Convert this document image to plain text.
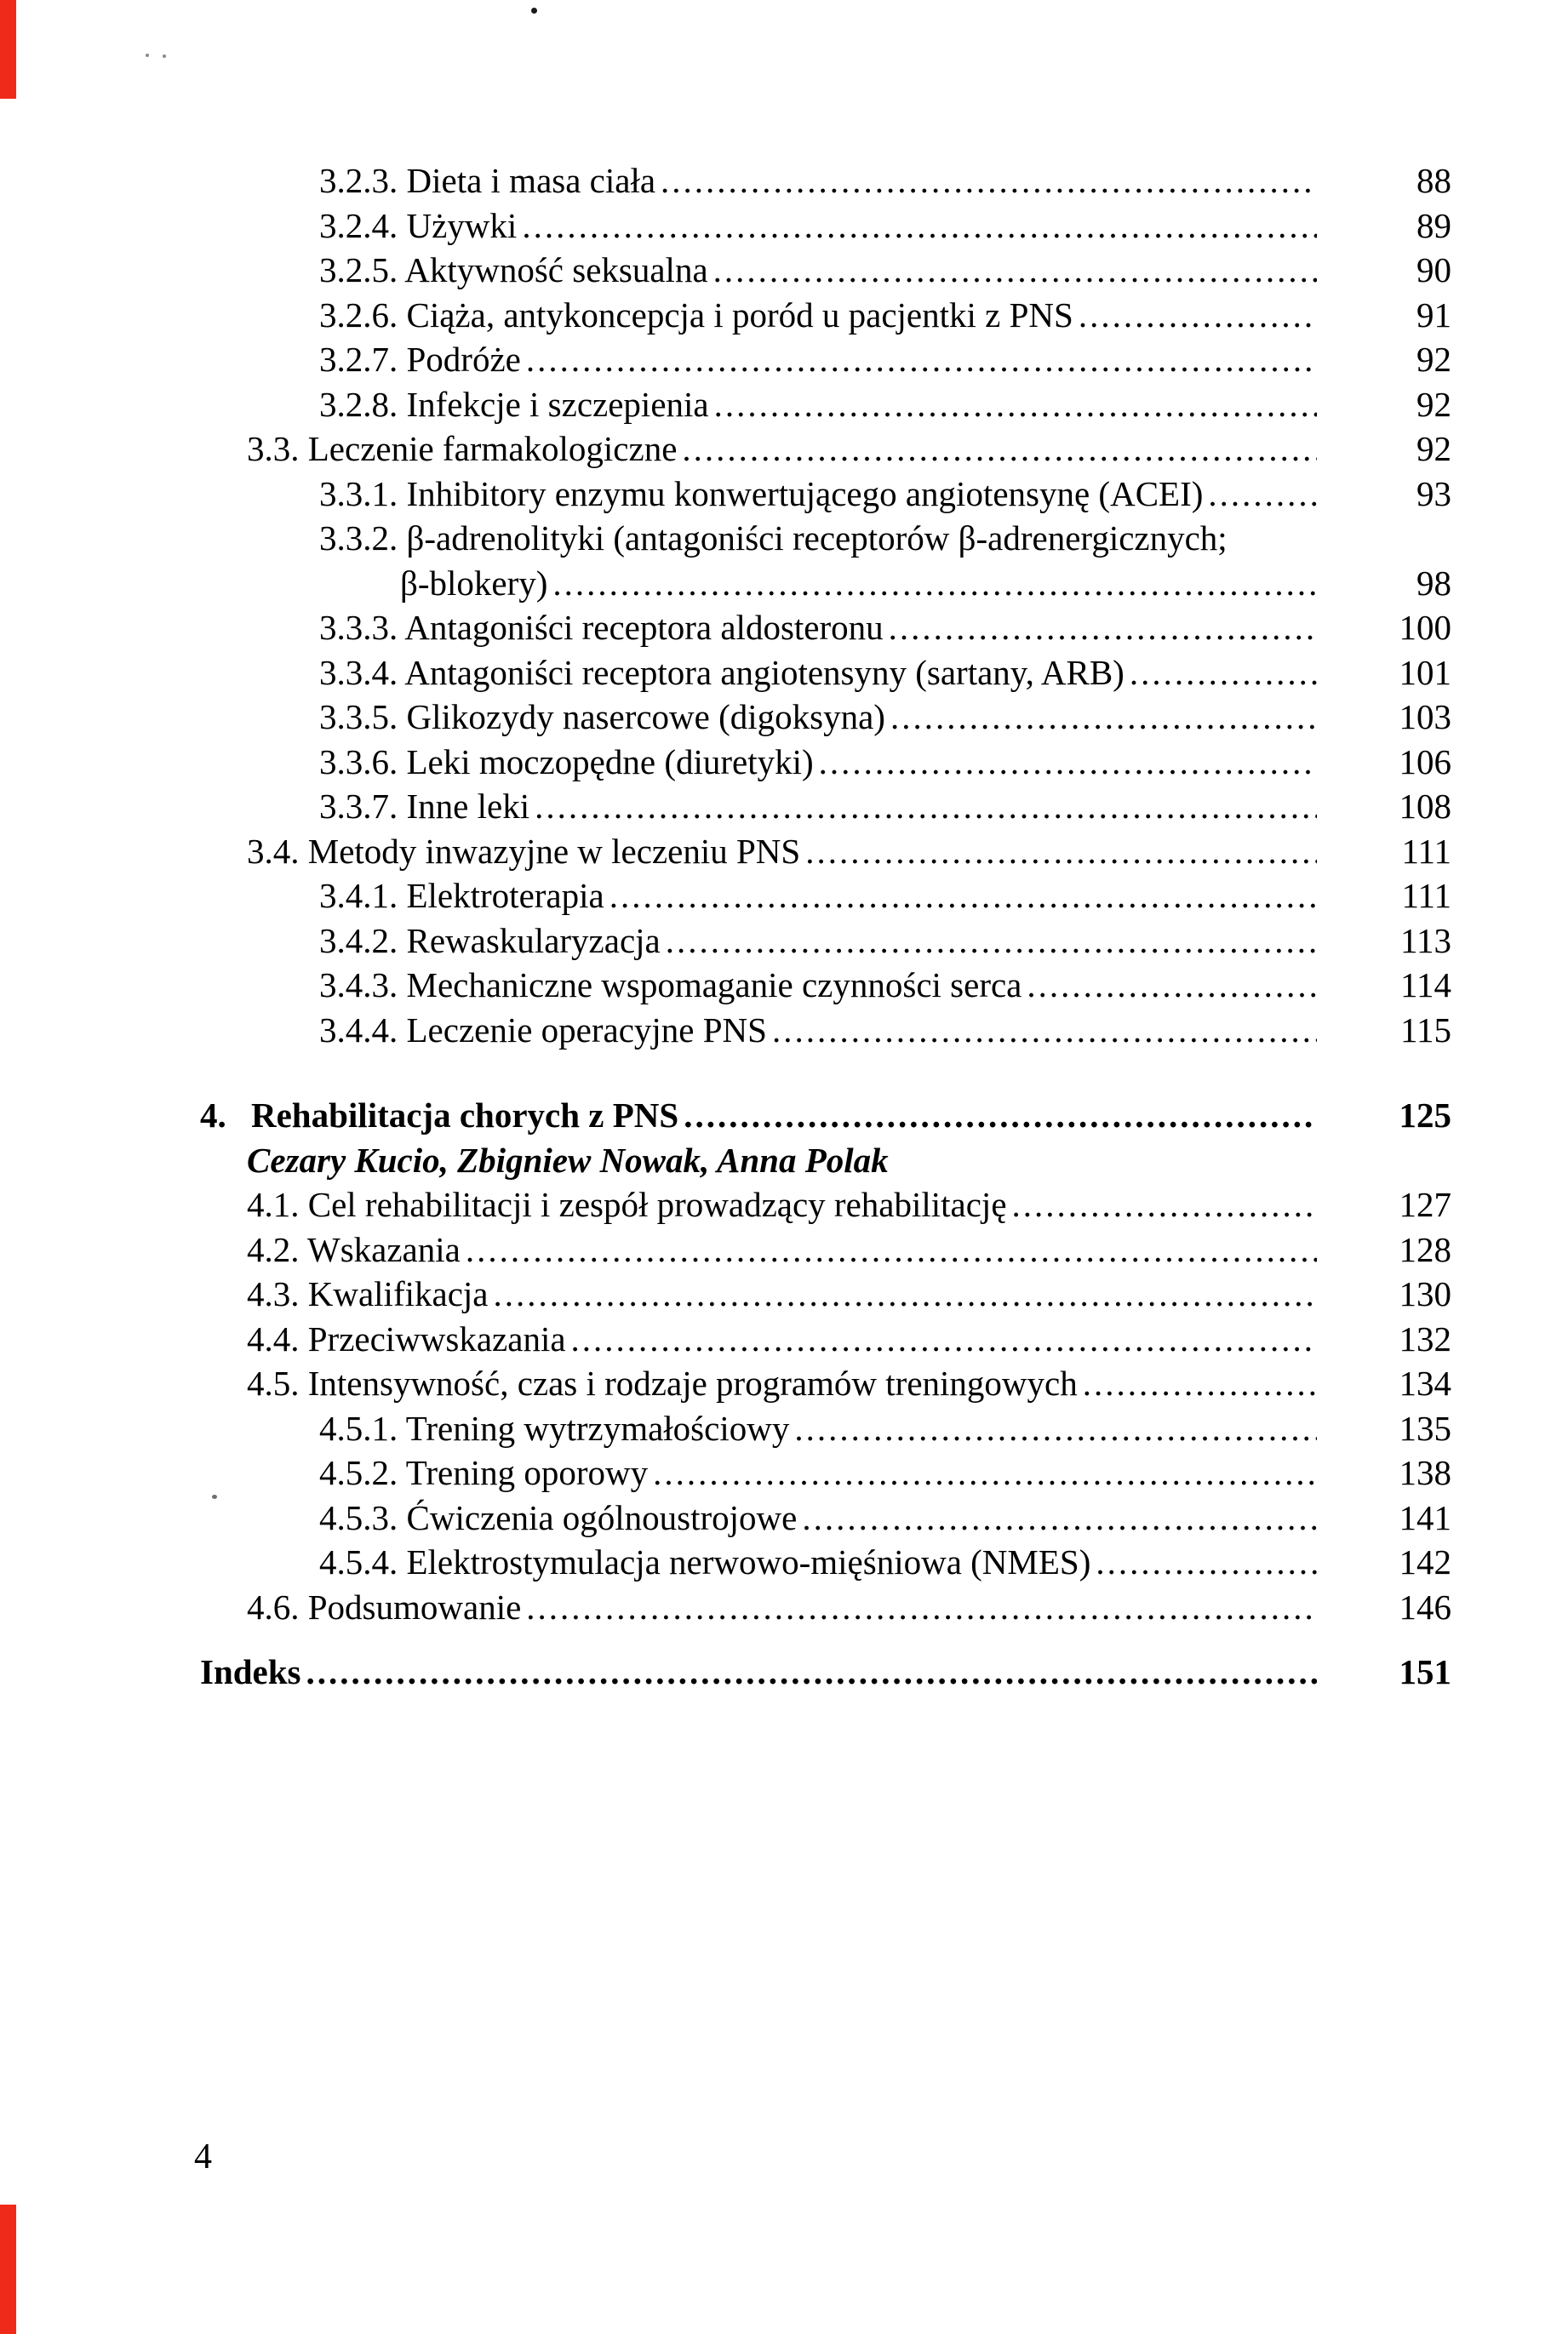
3.2.3. Dieta i masa ciała .....	88
3.2.4. Używki .....	89
3.2.5. Aktywność seksualna .....	90
3.2.6. Ciąża, antykoncepcja i poród u pacjentki z PNS .....	91
3.2.7. Podróże .....	92
3.2.8. Infekcje i szczepienia .....	92
3.3. Leczenie farmakologiczne .....	92
3.3.1. Inhibitory enzymu konwertującego angiotensynę (ACEI) .....	93
3.3.2. β-adrenolityki (antagoniści receptorów β-adrenergicznych;
β-blokery) .....	98
3.3.3. Antagoniści receptora aldosteronu .....	100
3.3.4. Antagoniści receptora angiotensyny (sartany, ARB) .....	101
3.3.5. Glikozydy nasercowe (digoksyna) .....	103
3.3.6. Leki moczopędne (diuretyki) .....	106
3.3.7. Inne leki .....	108
3.4. Metody inwazyjne w leczeniu PNS .....	111
3.4.1. Elektroterapia .....	111
3.4.2. Rewaskularyzacja .....	113
3.4.3. Mechaniczne wspomaganie czynności serca .....	114
3.4.4. Leczenie operacyjne PNS .....	115
4. Rehabilitacja chorych z PNS .....	125
Cezary Kucio, Zbigniew Nowak, Anna Polak
4.1. Cel rehabilitacji i zespół prowadzący rehabilitację .....	127
4.2. Wskazania .....	128
4.3. Kwalifikacja .....	130
4.4. Przeciwwskazania .....	132
4.5. Intensywność, czas i rodzaje programów treningowych .....	134
4.5.1. Trening wytrzymałościowy .....	135
4.5.2. Trening oporowy .....	138
4.5.3. Ćwiczenia ogólnoustrojowe .....	141
4.5.4. Elektrostymulacja nerwowo-mięśniowa (NMES) .....	142
4.6. Podsumowanie .....	146
Indeks .....	151
4
